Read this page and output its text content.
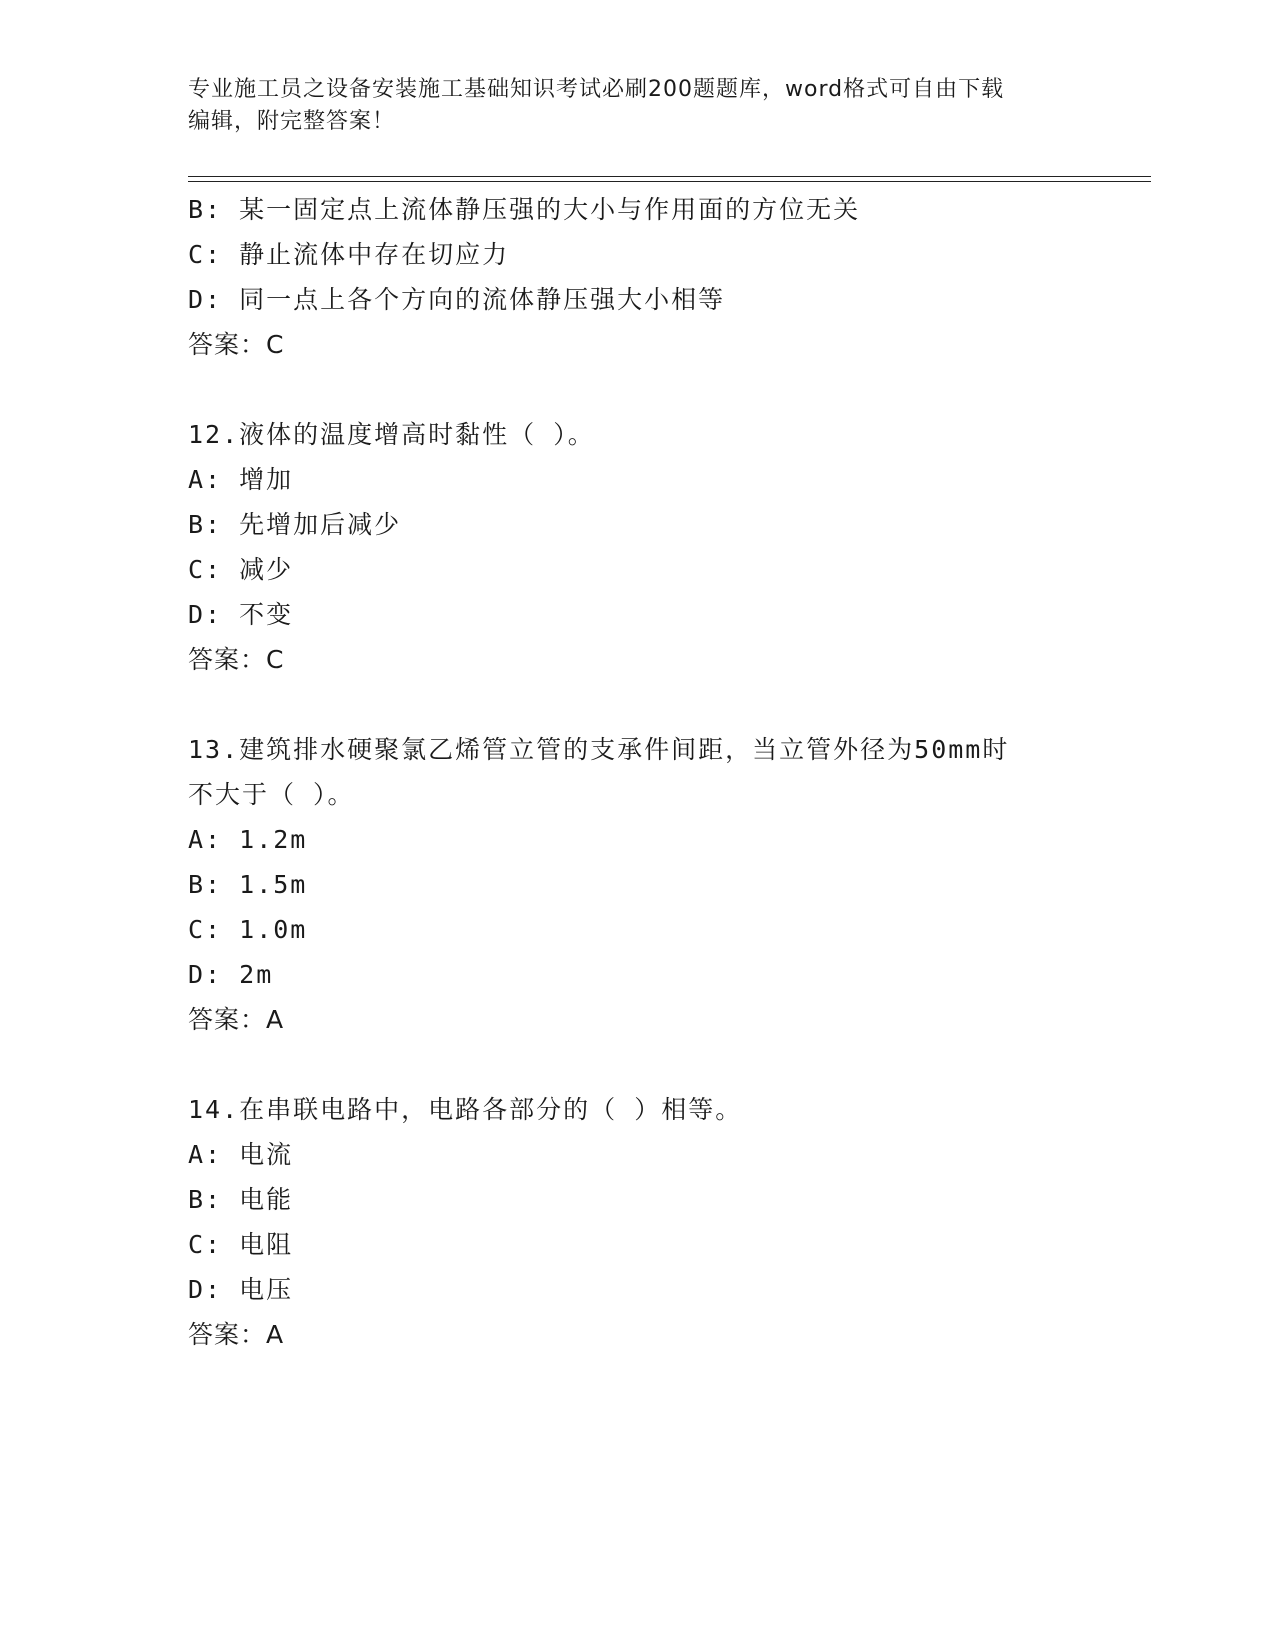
专业施工员之设备安装施工基础知识考试必刷200题题库，word格式可自由下载
编辑，附完整答案！
B: 某一固定点上流体静压强的大小与作用面的方位无关
C: 静止流体中存在切应力
D: 同一点上各个方向的流体静压强大小相等
答案：C
12.液体的温度增高时黏性（ ）。
A: 增加
B: 先增加后减少
C: 减少
D: 不变
答案：C
13.建筑排水硬聚氯乙烯管立管的支承件间距，当立管外径为50mm时
不大于（ ）。
A: 1.2m
B: 1.5m
C: 1.0m
D: 2m
答案：A
14.在串联电路中，电路各部分的（ ）相等。
A: 电流
B: 电能
C: 电阻
D: 电压
答案：A
